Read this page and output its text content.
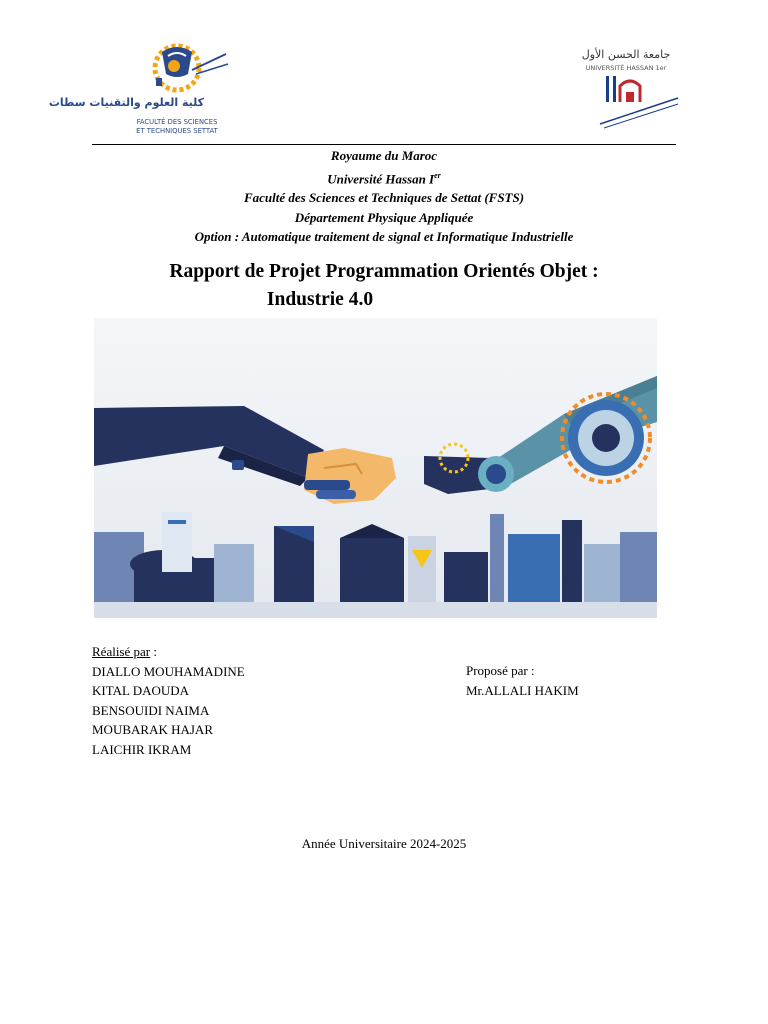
كلية العلوم والتقنيات سطات
FACULTÉ DES SCIENCES
ET TECHNIQUES SETTAT
جامعة الحسن الأول
UNIVERSITÉ HASSAN 1er
Royaume du Maroc
Université Hassan Ier
Faculté des Sciences et Techniques de Settat (FSTS)
Département Physique Appliquée
Option : Automatique traitement de signal et Informatique Industrielle
Rapport de Projet Programmation Orientés Objet :
Industrie 4.0
Réalisé par :
DIALLO MOUHAMADINE
KITAL DAOUDA
BENSOUIDI NAIMA
MOUBARAK HAJAR
LAICHIR IKRAM
Proposé par :
Mr.ALLALI HAKIM
Année Universitaire 2024-2025
